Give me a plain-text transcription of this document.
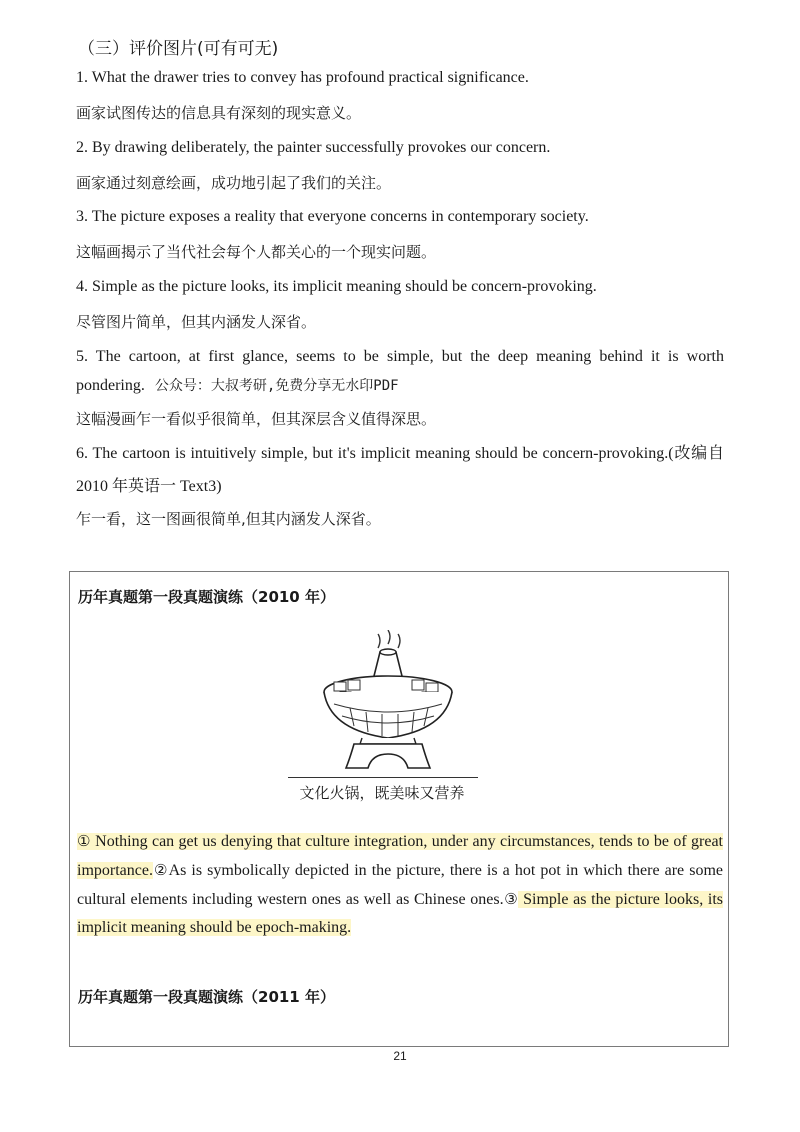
（三）评价图片(可有可无)
1. What the drawer tries to convey has profound practical significance.
画家试图传达的信息具有深刻的现实意义。
2. By drawing deliberately, the painter successfully provokes our concern.
画家通过刻意绘画，成功地引起了我们的关注。
3. The picture exposes a reality that everyone concerns in contemporary society.
这幅画揭示了当代社会每个人都关心的一个现实问题。
4. Simple as the picture looks, its implicit meaning should be concern-provoking.
尽管图片简单，但其内涵发人深省。
5. The cartoon, at first glance, seems to be simple, but the deep meaning behind it is worth
pondering. 公众号：大叔考研,免费分享无水印PDF
这幅漫画乍一看似乎很简单，但其深层含义值得深思。
6. The cartoon is intuitively simple, but it's implicit meaning should be concern-provoking.(改编自
2010 年英语一 Text3)
乍一看，这一图画很简单,但其内涵发人深省。
历年真题第一段真题演练（2010 年）
文化火锅，既美味又营养
① Nothing can get us denying that culture integration, under any circumstances, tends to be of great importance.②As is symbolically depicted in the picture, there is a hot pot in which there are some cultural elements including western ones as well as Chinese ones.③ Simple as the picture looks, its implicit meaning should be epoch-making.
历年真题第一段真题演练（2011 年）
21
